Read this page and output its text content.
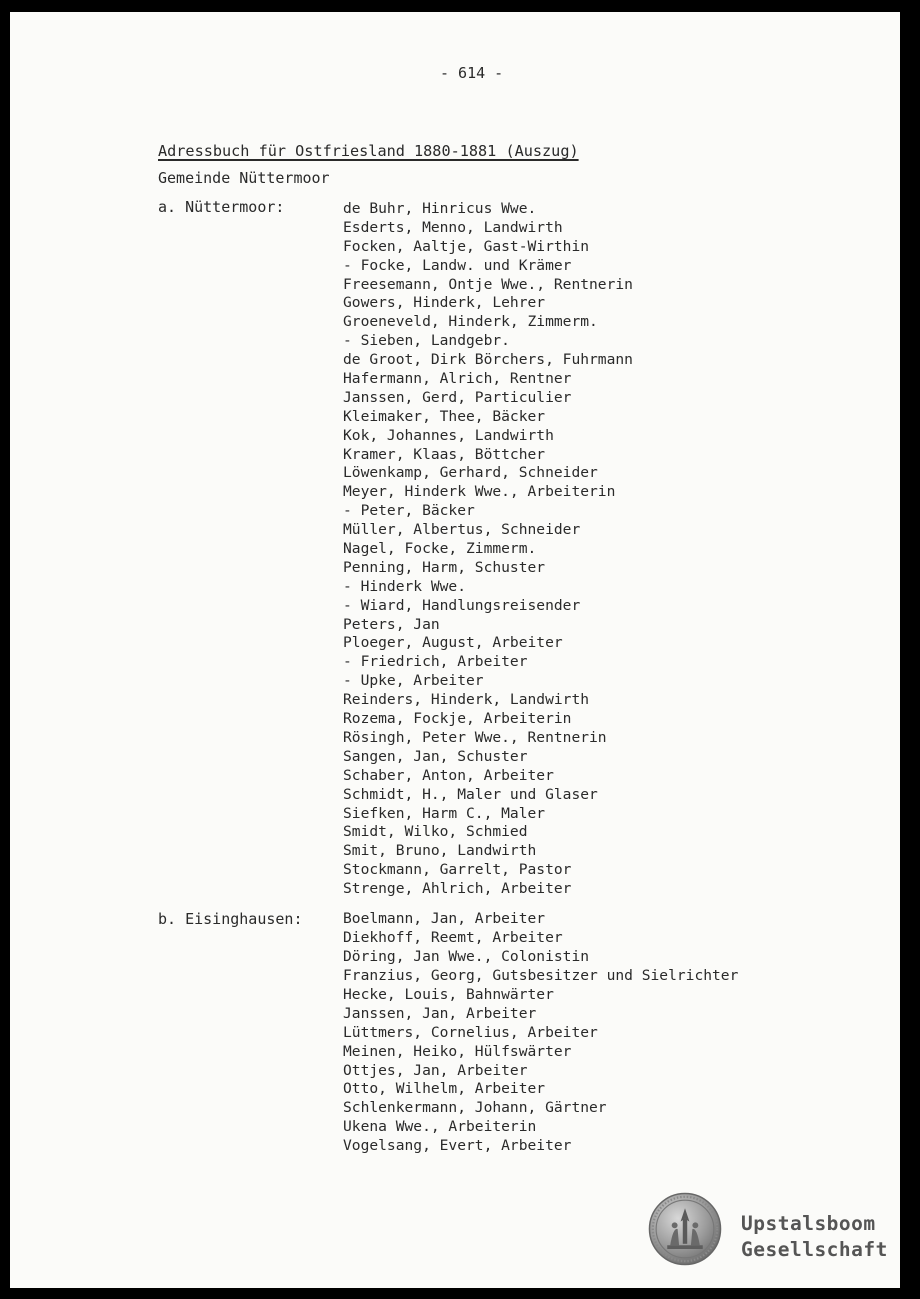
- 614 -
Adressbuch für Ostfriesland 1880-1881 (Auszug)
Gemeinde Nüttermoor
a. Nüttermoor:	de Buhr, Hinricus Wwe.
Esderts, Menno, Landwirth
Focken, Aaltje, Gast-Wirthin
- Focke, Landw. und Krämer
Freesemann, Ontje Wwe., Rentnerin
Gowers, Hinderk, Lehrer
Groeneveld, Hinderk, Zimmerm.
- Sieben, Landgebr.
de Groot, Dirk Börchers, Fuhrmann
Hafermann, Alrich, Rentner
Janssen, Gerd, Particulier
Kleimaker, Thee, Bäcker
Kok, Johannes, Landwirth
Kramer, Klaas, Böttcher
Löwenkamp, Gerhard, Schneider
Meyer, Hinderk Wwe., Arbeiterin
- Peter, Bäcker
Müller, Albertus, Schneider
Nagel, Focke, Zimmerm.
Penning, Harm, Schuster
- Hinderk Wwe.
- Wiard, Handlungsreisender
Peters, Jan
Ploeger, August, Arbeiter
- Friedrich, Arbeiter
- Upke, Arbeiter
Reinders, Hinderk, Landwirth
Rozema, Fockje, Arbeiterin
Rösingh, Peter Wwe., Rentnerin
Sangen, Jan, Schuster
Schaber, Anton, Arbeiter
Schmidt, H., Maler und Glaser
Siefken, Harm C., Maler
Smidt, Wilko, Schmied
Smit, Bruno, Landwirth
Stockmann, Garrelt, Pastor
Strenge, Ahlrich, Arbeiter
b. Eisinghausen:	Boelmann, Jan, Arbeiter
Diekhoff, Reemt, Arbeiter
Döring, Jan Wwe., Colonistin
Franzius, Georg, Gutsbesitzer und Sielrichter
Hecke, Louis, Bahnwärter
Janssen, Jan, Arbeiter
Lüttmers, Cornelius, Arbeiter
Meinen, Heiko, Hülfswärter
Ottjes, Jan, Arbeiter
Otto, Wilhelm, Arbeiter
Schlenkermann, Johann, Gärtner
Ukena Wwe., Arbeiterin
Vogelsang, Evert, Arbeiter
Upstalsboom
Gesellschaft
